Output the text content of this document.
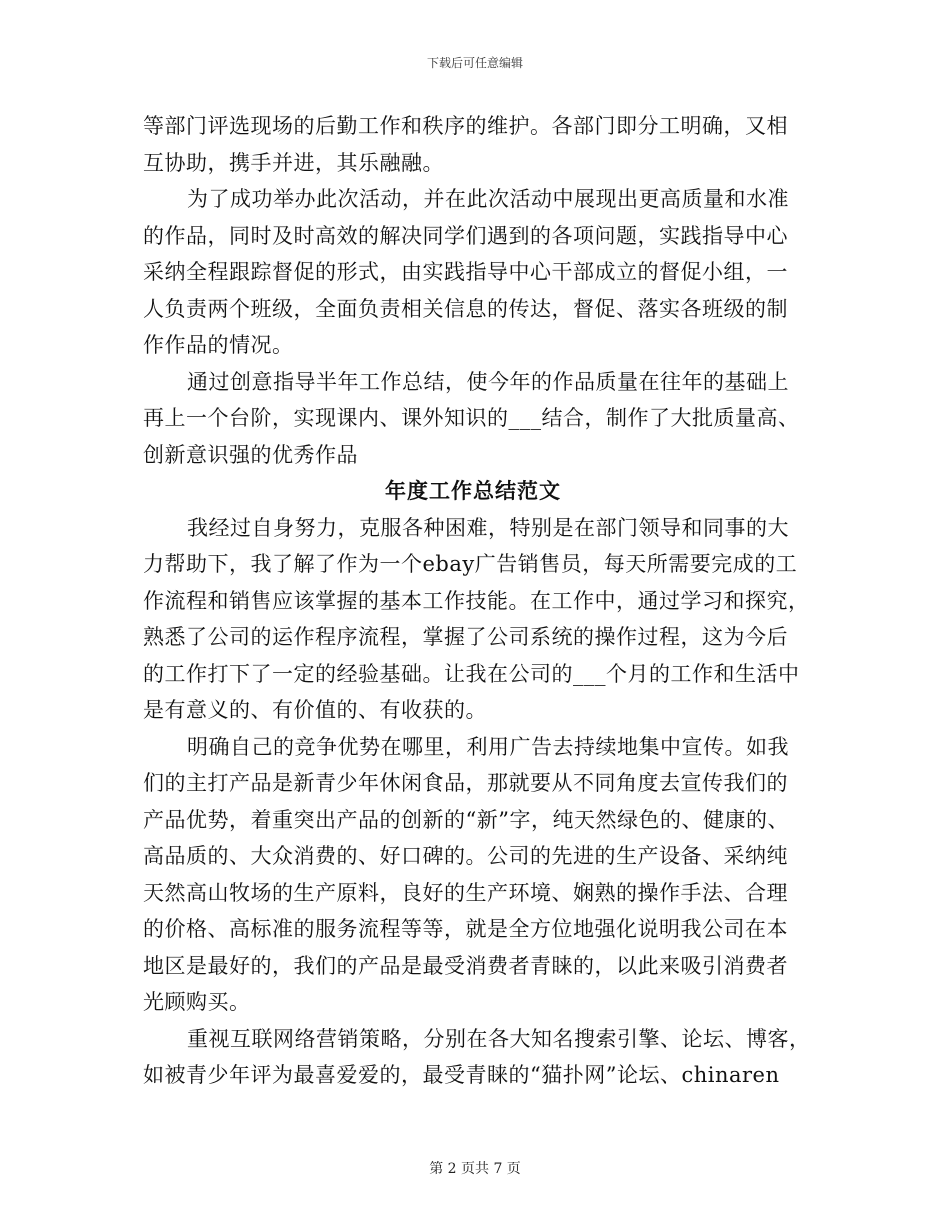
下载后可任意编辑
等部门评选现场的后勤工作和秩序的维护。各部门即分工明确，又相
互协助，携手并进，其乐融融。
为了成功举办此次活动，并在此次活动中展现出更高质量和水准
的作品，同时及时高效的解决同学们遇到的各项问题，实践指导中心
采纳全程跟踪督促的形式，由实践指导中心干部成立的督促小组，一
人负责两个班级，全面负责相关信息的传达，督促、落实各班级的制
作作品的情况。
通过创意指导半年工作总结，使今年的作品质量在往年的基础上
再上一个台阶，实现课内、课外知识的___结合，制作了大批质量高、
创新意识强的优秀作品
年度工作总结范文
我经过自身努力，克服各种困难，特别是在部门领导和同事的大
力帮助下，我了解了作为一个ebay广告销售员，每天所需要完成的工
作流程和销售应该掌握的基本工作技能。在工作中，通过学习和探究，
熟悉了公司的运作程序流程，掌握了公司系统的操作过程，这为今后
的工作打下了一定的经验基础。让我在公司的___个月的工作和生活中
是有意义的、有价值的、有收获的。
明确自己的竞争优势在哪里，利用广告去持续地集中宣传。如我
们的主打产品是新青少年休闲食品，那就要从不同角度去宣传我们的
产品优势，着重突出产品的创新的“新”字，纯天然绿色的、健康的、
高品质的、大众消费的、好口碑的。公司的先进的生产设备、采纳纯
天然高山牧场的生产原料，良好的生产环境、娴熟的操作手法、合理
的价格、高标准的服务流程等等，就是全方位地强化说明我公司在本
地区是最好的，我们的产品是最受消费者青睐的，以此来吸引消费者
光顾购买。
重视互联网络营销策略，分别在各大知名搜索引擎、论坛、博客，
如被青少年评为最喜爱爱的，最受青睐的“猫扑网”论坛、chinaren
第 2 页共 7 页
